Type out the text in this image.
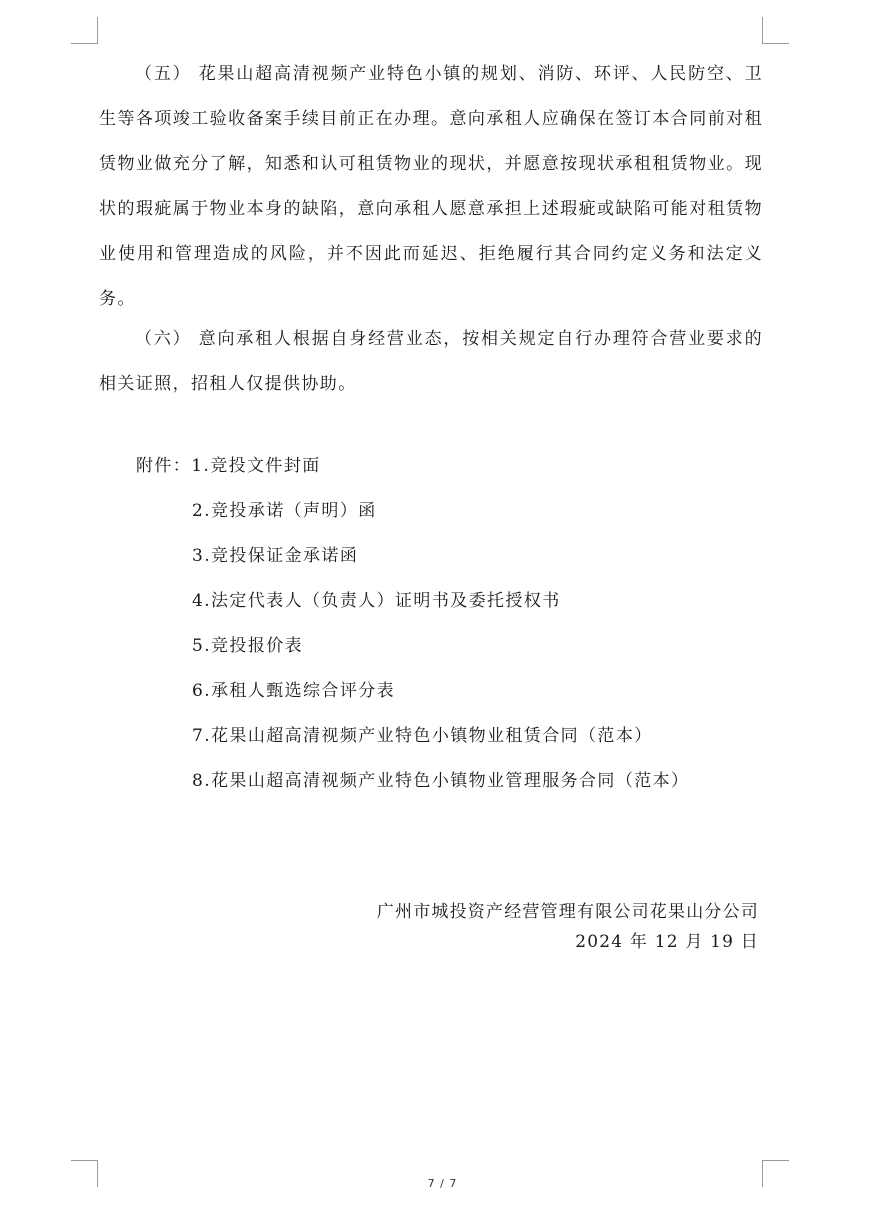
（五） 花果山超高清视频产业特色小镇的规划、消防、环评、人民防空、卫生等各项竣工验收备案手续目前正在办理。意向承租人应确保在签订本合同前对租赁物业做充分了解，知悉和认可租赁物业的现状，并愿意按现状承租租赁物业。现状的瑕疵属于物业本身的缺陷，意向承租人愿意承担上述瑕疵或缺陷可能对租赁物业使用和管理造成的风险，并不因此而延迟、拒绝履行其合同约定义务和法定义务。

（六） 意向承租人根据自身经营业态，按相关规定自行办理符合营业要求的相关证照，招租人仅提供协助。

附件：1.竞投文件封面
2.竞投承诺（声明）函
3.竞投保证金承诺函
4.法定代表人（负责人）证明书及委托授权书
5.竞投报价表
6.承租人甄选综合评分表
7.花果山超高清视频产业特色小镇物业租赁合同（范本）
8.花果山超高清视频产业特色小镇物业管理服务合同（范本）
广州市城投资产经营管理有限公司花果山分公司
2024 年 12 月 19 日
7 / 7
